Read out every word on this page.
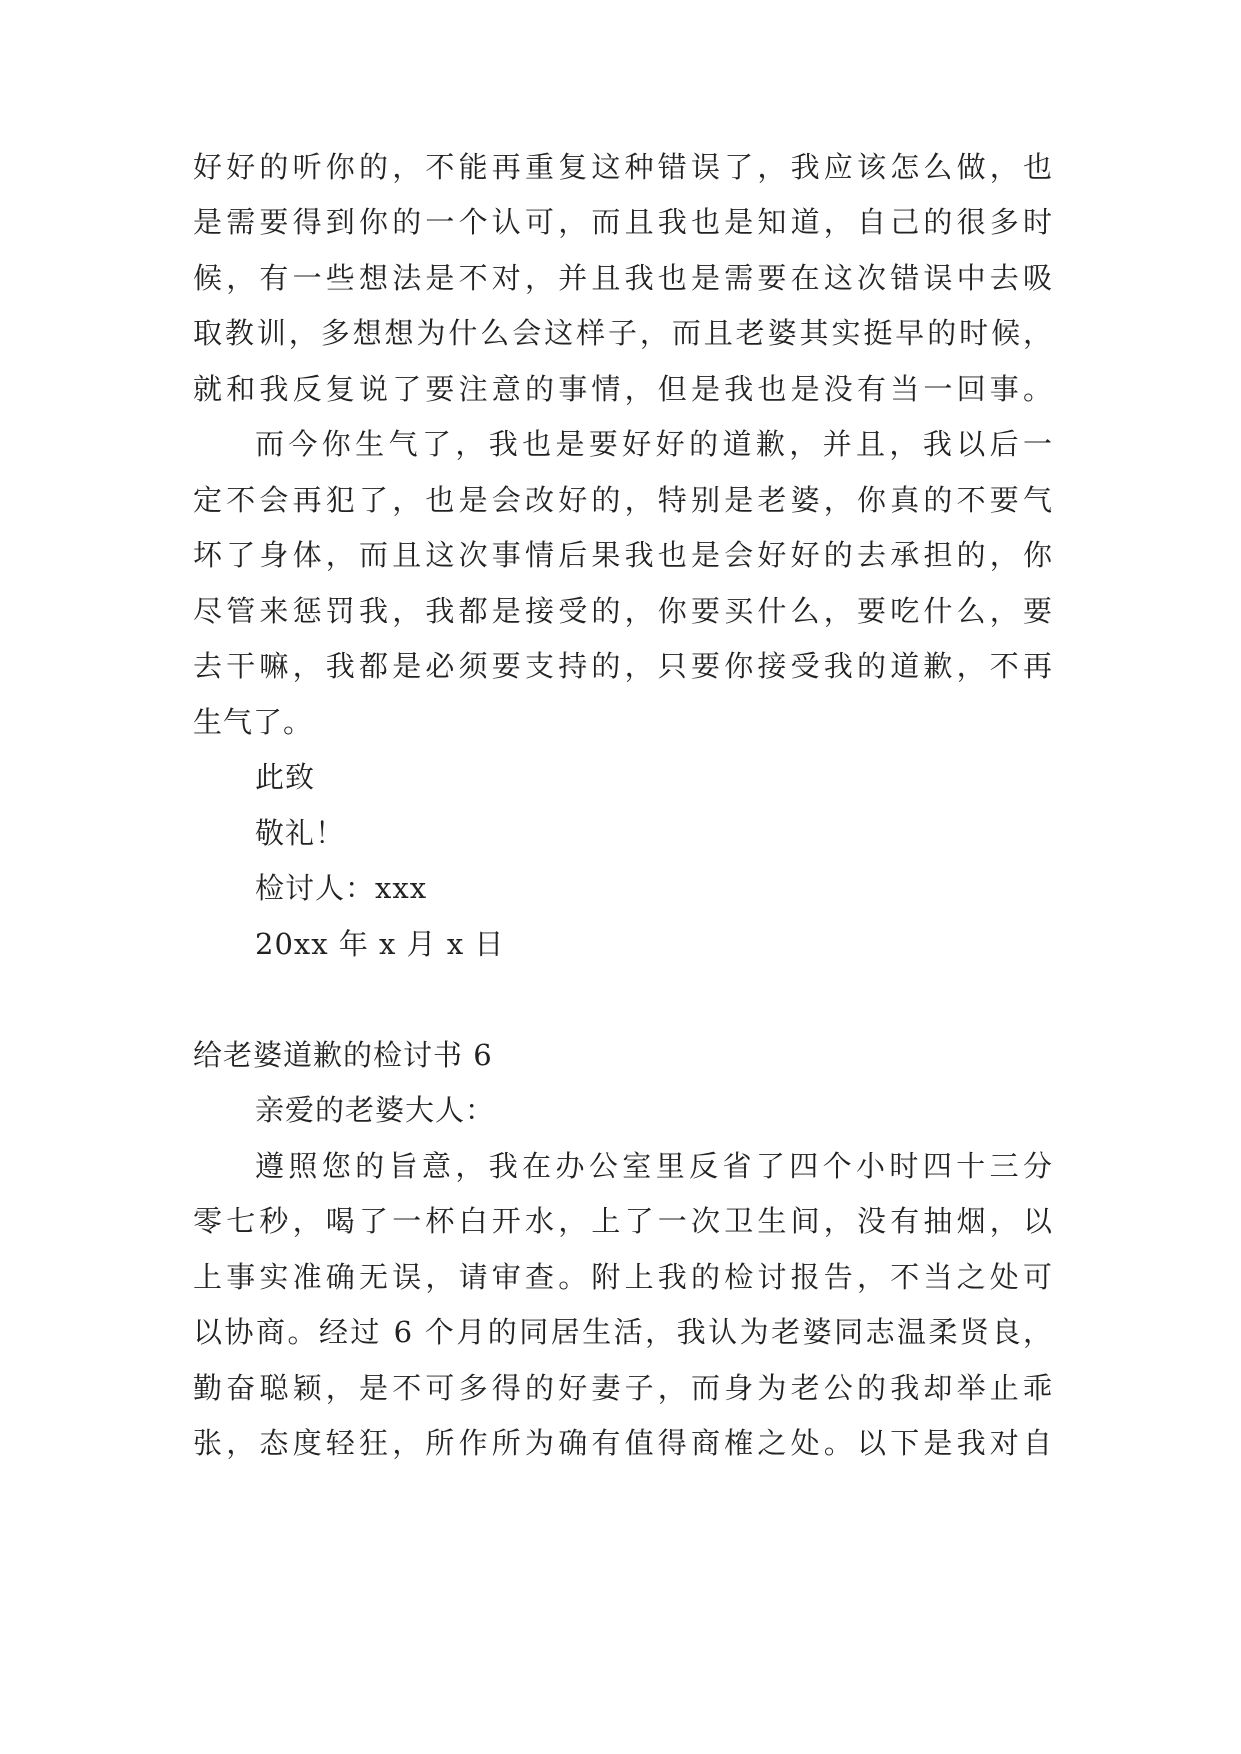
好好的听你的，不能再重复这种错误了，我应该怎么做，也
是需要得到你的一个认可，而且我也是知道，自己的很多时
候，有一些想法是不对，并且我也是需要在这次错误中去吸
取教训，多想想为什么会这样子，而且老婆其实挺早的时候，
就和我反复说了要注意的事情，但是我也是没有当一回事。
而今你生气了，我也是要好好的道歉，并且，我以后一
定不会再犯了，也是会改好的，特别是老婆，你真的不要气
坏了身体，而且这次事情后果我也是会好好的去承担的，你
尽管来惩罚我，我都是接受的，你要买什么，要吃什么，要
去干嘛，我都是必须要支持的，只要你接受我的道歉，不再
生气了。
此致
敬礼！
检讨人：xxx
20xx 年 x 月 x 日
给老婆道歉的检讨书 6
亲爱的老婆大人：
遵照您的旨意，我在办公室里反省了四个小时四十三分
零七秒，喝了一杯白开水，上了一次卫生间，没有抽烟，以
上事实准确无误，请审查。附上我的检讨报告，不当之处可
以协商。经过 6 个月的同居生活，我认为老婆同志温柔贤良，
勤奋聪颖，是不可多得的好妻子，而身为老公的我却举止乖
张，态度轻狂，所作所为确有值得商榷之处。以下是我对自
